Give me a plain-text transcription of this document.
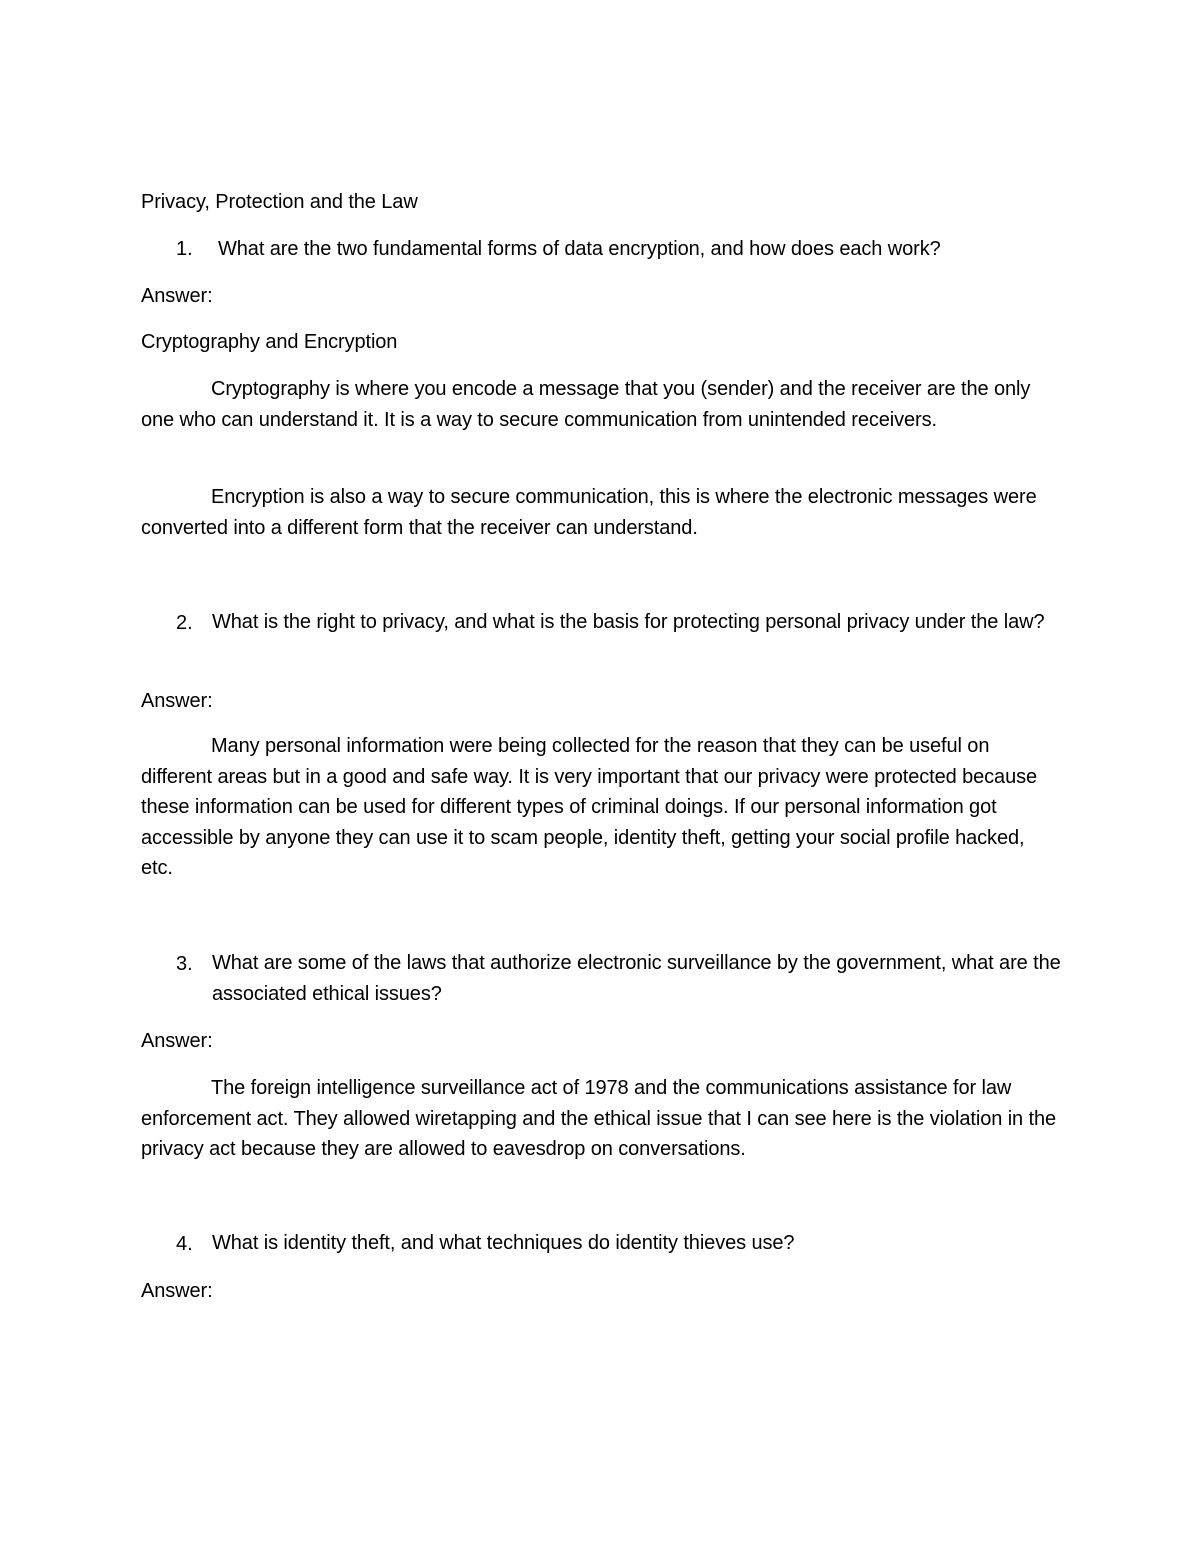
Privacy, Protection and the Law
1. What are the two fundamental forms of data encryption, and how does each work?
Answer:
Cryptography and Encryption
Cryptography is where you encode a message that you (sender) and the receiver are the only one who can understand it. It is a way to secure communication from unintended receivers.
Encryption is also a way to secure communication, this is where the electronic messages were converted into a different form that the receiver can understand.
2. What is the right to privacy, and what is the basis for protecting personal privacy under the law?
Answer:
Many personal information were being collected for the reason that they can be useful on different areas but in a good and safe way. It is very important that our privacy were protected because these information can be used for different types of criminal doings. If our personal information got accessible by anyone they can use it to scam people, identity theft, getting your social profile hacked, etc.
3. What are some of the laws that authorize electronic surveillance by the government, what are the associated ethical issues?
Answer:
The foreign intelligence surveillance act of 1978 and the communications assistance for law enforcement act. They allowed wiretapping and the ethical issue that I can see here is the violation in the privacy act because they are allowed to eavesdrop on conversations.
4. What is identity theft, and what techniques do identity thieves use?
Answer:
